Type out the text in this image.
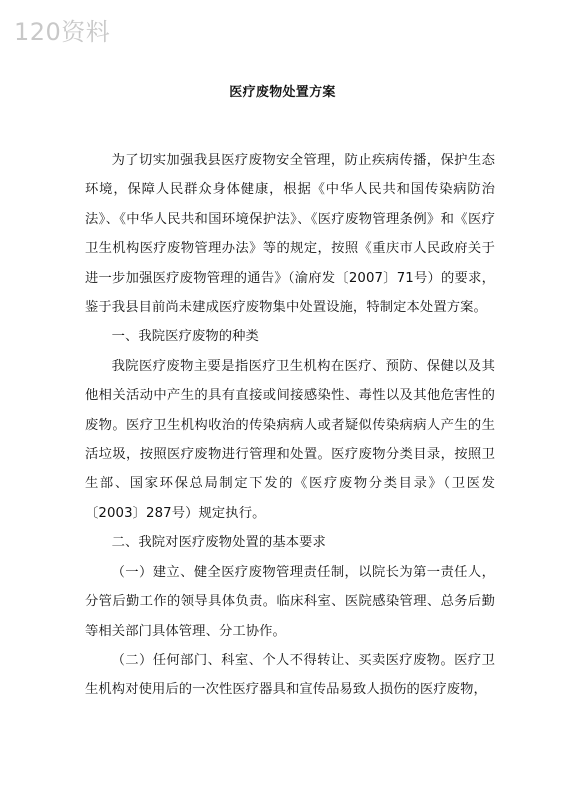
120资料
医疗废物处置方案

为了切实加强我县医疗废物安全管理，防止疾病传播，保护生态环境，保障人民群众身体健康，根据《中华人民共和国传染病防治法》、《中华人民共和国环境保护法》、《医疗废物管理条例》和《医疗卫生机构医疗废物管理办法》等的规定，按照《重庆市人民政府关于进一步加强医疗废物管理的通告》（渝府发〔2007〕71号）的要求，鉴于我县目前尚未建成医疗废物集中处置设施，特制定本处置方案。

一、我院医疗废物的种类

我院医疗废物主要是指医疗卫生机构在医疗、预防、保健以及其他相关活动中产生的具有直接或间接感染性、毒性以及其他危害性的废物。医疗卫生机构收治的传染病病人或者疑似传染病病人产生的生活垃圾，按照医疗废物进行管理和处置。医疗废物分类目录，按照卫生部、国家环保总局制定下发的《医疗废物分类目录》（卫医发〔2003〕287号）规定执行。

二、我院对医疗废物处置的基本要求

（一）建立、健全医疗废物管理责任制，以院长为第一责任人，分管后勤工作的领导具体负责。临床科室、医院感染管理、总务后勤等相关部门具体管理、分工协作。

（二）任何部门、科室、个人不得转让、买卖医疗废物。医疗卫生机构对使用后的一次性医疗器具和宣传品易致人损伤的医疗废物，
